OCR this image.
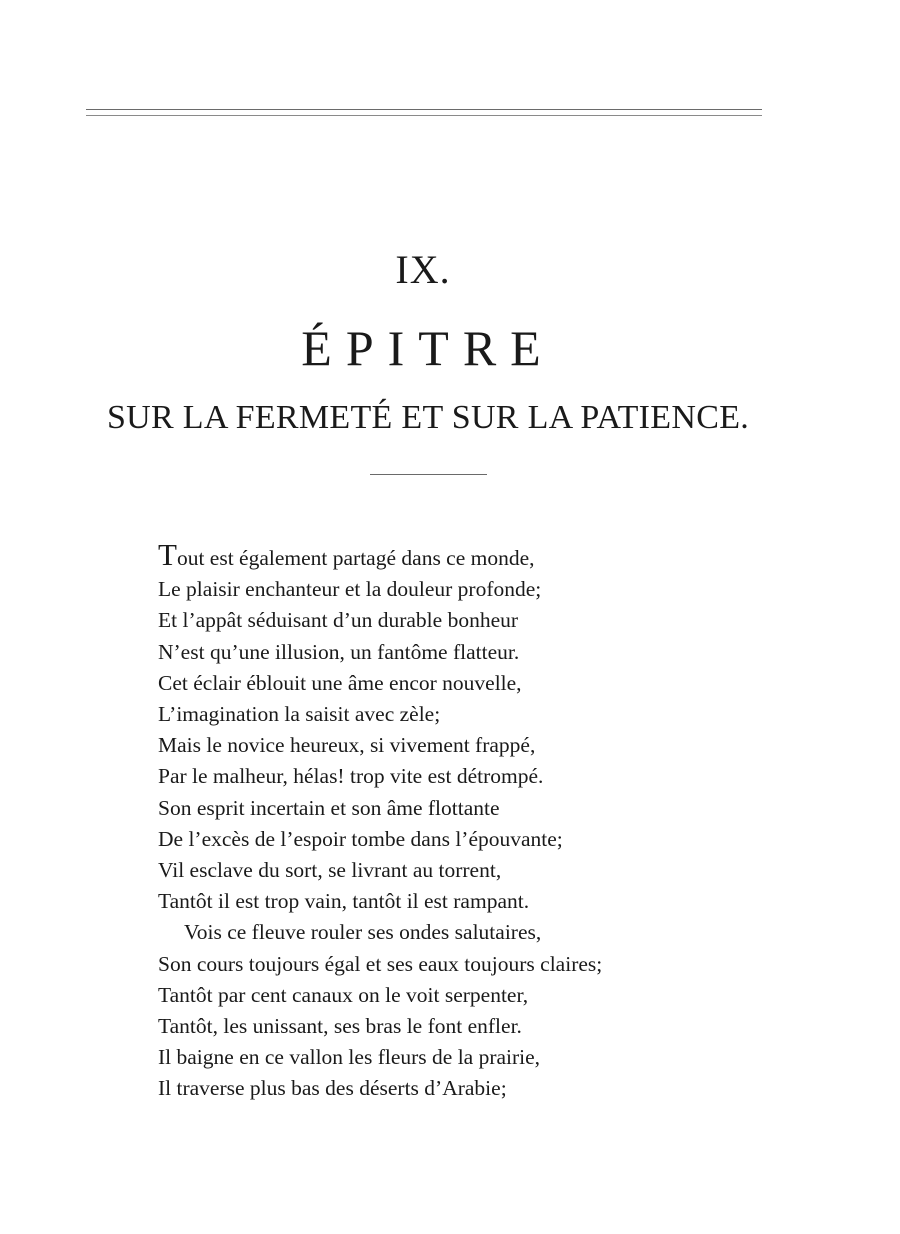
IX.
ÉPITRE
SUR LA FERMETÉ ET SUR LA PATIENCE.
Tout est également partagé dans ce monde,
Le plaisir enchanteur et la douleur profonde;
Et l’appât séduisant d’un durable bonheur
N’est qu’une illusion, un fantôme flatteur.
Cet éclair éblouit une âme encor nouvelle,
L’imagination la saisit avec zèle;
Mais le novice heureux, si vivement frappé,
Par le malheur, hélas! trop vite est détrompé.
Son esprit incertain et son âme flottante
De l’excès de l’espoir tombe dans l’épouvante;
Vil esclave du sort, se livrant au torrent,
Tantôt il est trop vain, tantôt il est rampant.
Vois ce fleuve rouler ses ondes salutaires,
Son cours toujours égal et ses eaux toujours claires;
Tantôt par cent canaux on le voit serpenter,
Tantôt, les unissant, ses bras le font enfler.
Il baigne en ce vallon les fleurs de la prairie,
Il traverse plus bas des déserts d’Arabie;
